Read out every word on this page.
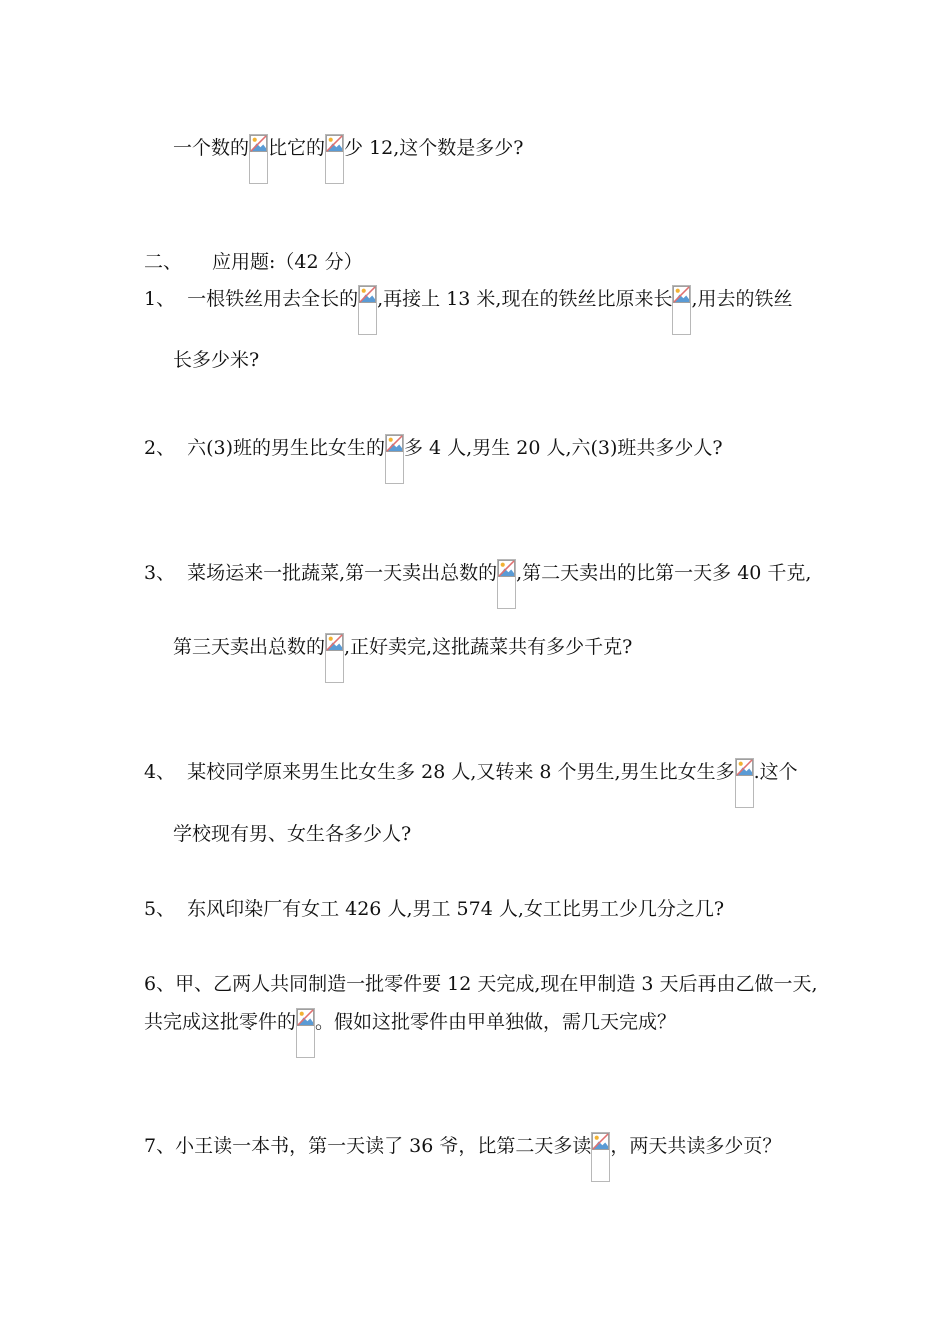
一个数的 比它的 少 12,这个数是多少?
二、 应用题:（42 分）
1、 一根铁丝用去全长的 ,再接上 13 米,现在的铁丝比原来长 ,用去的铁丝
长多少米?
2、 六(3)班的男生比女生的 多 4 人,男生 20 人,六(3)班共多少人?
3、 菜场运来一批蔬菜,第一天卖出总数的 ,第二天卖出的比第一天多 40 千克,
第三天卖出总数的 ,正好卖完,这批蔬菜共有多少千克?
4、 某校同学原来男生比女生多 28 人,又转来 8 个男生,男生比女生多 .这个
学校现有男、女生各多少人?
5、 东风印染厂有女工 426 人,男工 574 人,女工比男工少几分之几?
6、甲、乙两人共同制造一批零件要 12 天完成,现在甲制造 3 天后再由乙做一天,
共完成这批零件的 。假如这批零件由甲单独做，需几天完成？
7、小王读一本书，第一天读了 36 爷，比第二天多读 ，两天共读多少页？
